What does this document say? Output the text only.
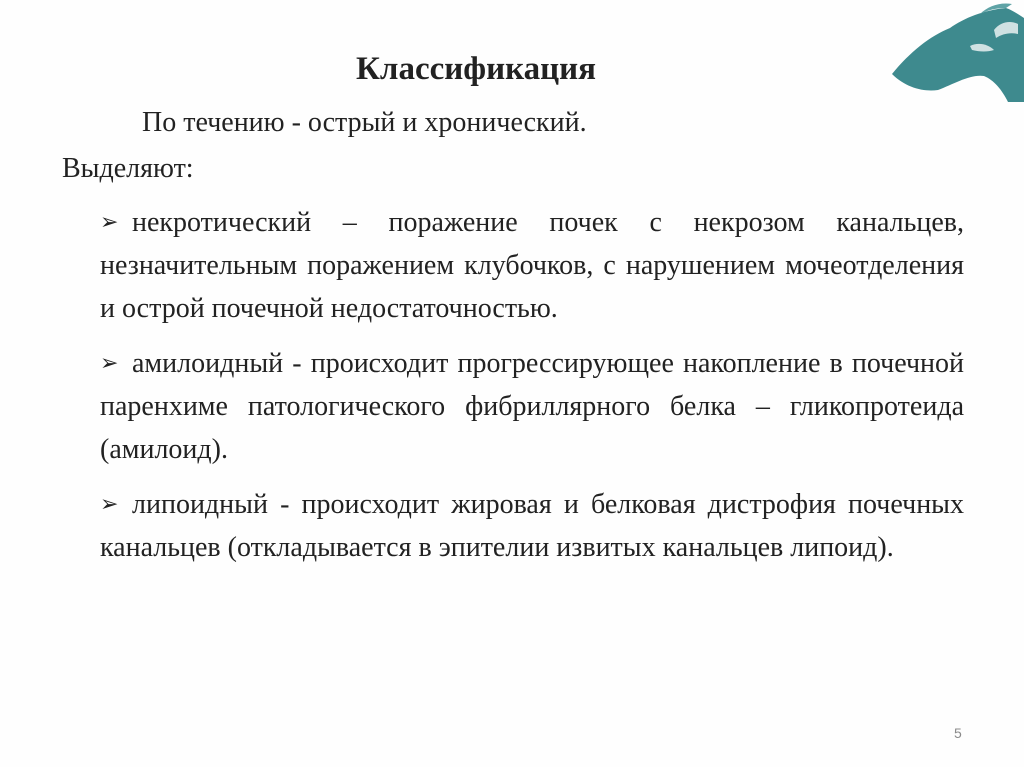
Классификация
По течению - острый и хронический.
Выделяют:
➢ некротический – поражение почек с некрозом канальцев, незначительным поражением клубочков, с нарушением мочеотделения и острой почечной недостаточностью.
➢ амилоидный - происходит прогрессирующее накопление в почечной паренхиме патологического фибриллярного белка – гликопротеида (амилоид).
➢ липоидный - происходит жировая и белковая дистрофия почечных канальцев (откладывается в эпителии извитых канальцев липоид).
5
